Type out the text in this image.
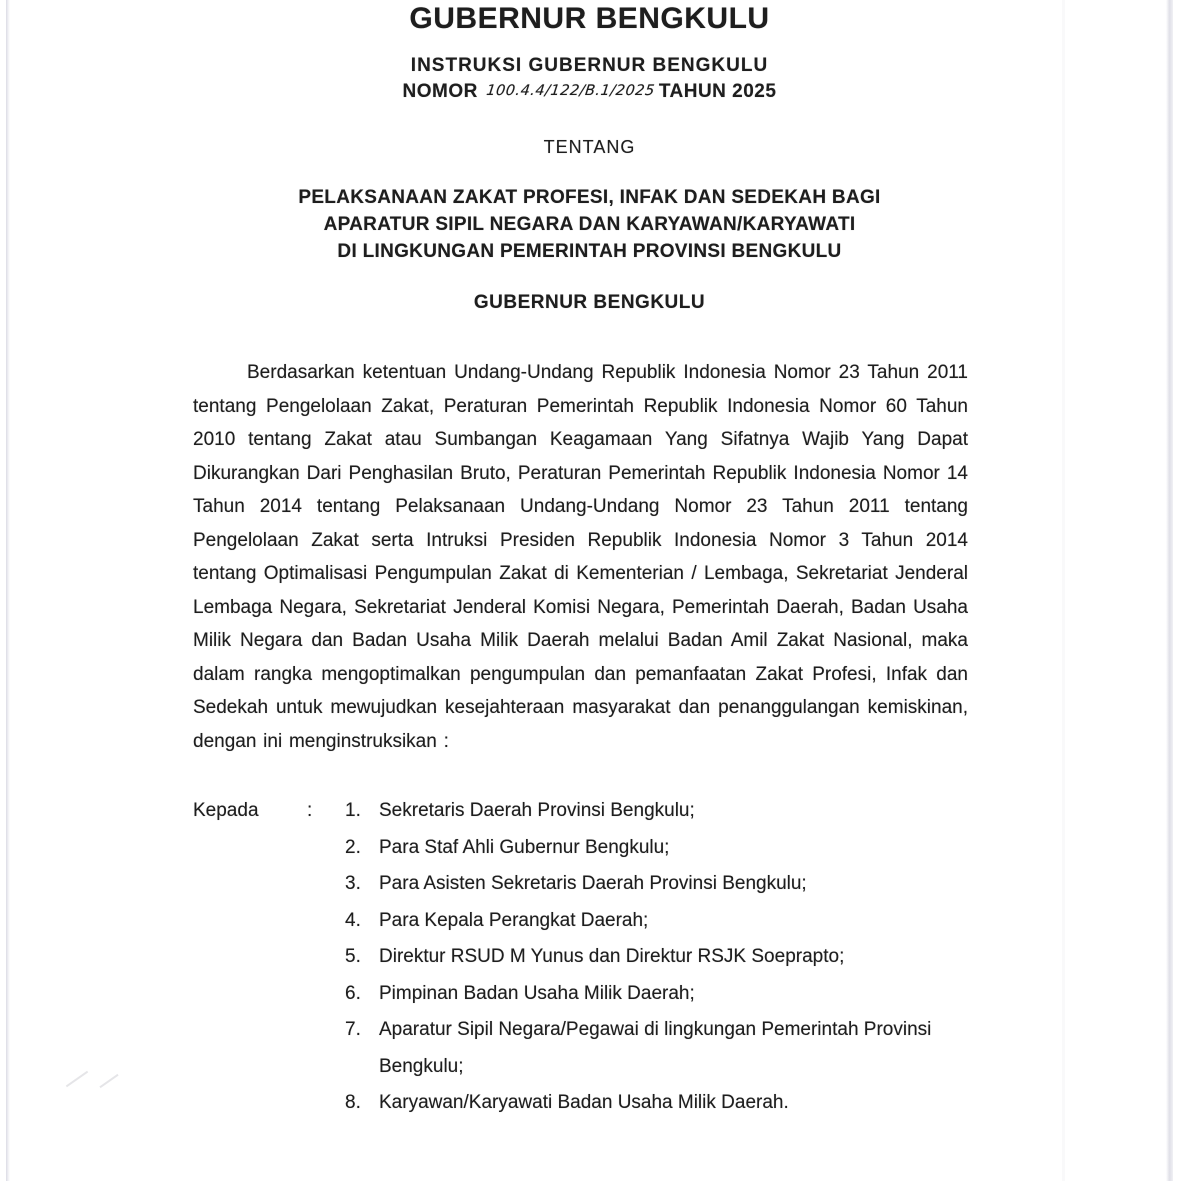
GUBERNUR BENGKULU
INSTRUKSI GUBERNUR BENGKULU
NOMOR 100.4.4/122/B.1/2025 TAHUN 2025
TENTANG
PELAKSANAAN ZAKAT PROFESI, INFAK DAN SEDEKAH BAGI
APARATUR SIPIL NEGARA DAN KARYAWAN/KARYAWATI
DI LINGKUNGAN PEMERINTAH PROVINSI BENGKULU
GUBERNUR BENGKULU

Berdasarkan ketentuan Undang-Undang Republik Indonesia Nomor 23 Tahun 2011 tentang Pengelolaan Zakat, Peraturan Pemerintah Republik Indonesia Nomor 60 Tahun 2010 tentang Zakat atau Sumbangan Keagamaan Yang Sifatnya Wajib Yang Dapat Dikurangkan Dari Penghasilan Bruto, Peraturan Pemerintah Republik Indonesia Nomor 14 Tahun 2014 tentang Pelaksanaan Undang-Undang Nomor 23 Tahun 2011 tentang Pengelolaan Zakat serta Intruksi Presiden Republik Indonesia Nomor 3 Tahun 2014 tentang Optimalisasi Pengumpulan Zakat di Kementerian / Lembaga, Sekretariat Jenderal Lembaga Negara, Sekretariat Jenderal Komisi Negara, Pemerintah Daerah, Badan Usaha Milik Negara dan Badan Usaha Milik Daerah melalui Badan Amil Zakat Nasional, maka dalam rangka mengoptimalkan pengumpulan dan pemanfaatan Zakat Profesi, Infak dan Sedekah untuk mewujudkan kesejahteraan masyarakat dan penanggulangan kemiskinan, dengan ini menginstruksikan :

Kepada	:	1. Sekretaris Daerah Provinsi Bengkulu;
2. Para Staf Ahli Gubernur Bengkulu;
3. Para Asisten Sekretaris Daerah Provinsi Bengkulu;
4. Para Kepala Perangkat Daerah;
5. Direktur RSUD M Yunus dan Direktur RSJK Soeprapto;
6. Pimpinan Badan Usaha Milik Daerah;
7. Aparatur Sipil Negara/Pegawai di lingkungan Pemerintah Provinsi Bengkulu;
8. Karyawan/Karyawati Badan Usaha Milik Daerah.
